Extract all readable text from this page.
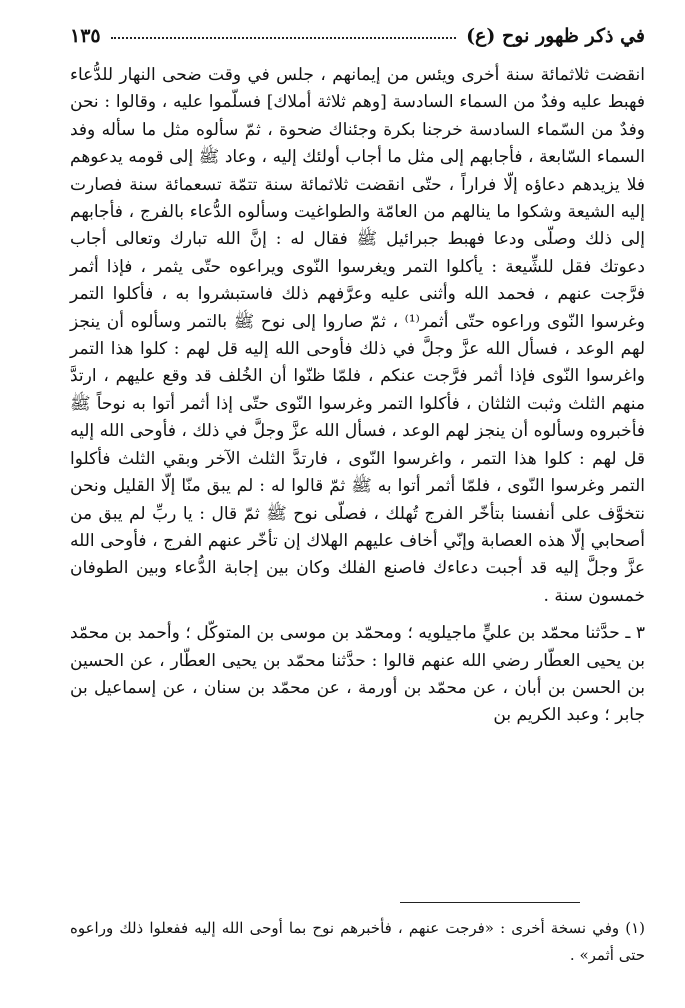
في ذكر ظهور نوح (ع)
١٣٥

انقضت ثلاثمائة سنة أخرى ويئس من إيمانهم ، جلس في وقت ضحى النهار للدُّعاء فهبط عليه وفدٌ من السماء السادسة [وهم ثلاثة أملاك] فسلّموا عليه ، وقالوا : نحن وفدٌ من السّماء السادسة خرجنا بكرة وجئناك ضحوة ، ثمّ سألوه مثل ما سأله وفد السماء السّابعة ، فأجابهم إلى مثل ما أجاب أولئك إليه ، وعاد ﷺ إلى قومه يدعوهم فلا يزيدهم دعاؤه إلّا فراراً ، حتّى انقضت ثلاثمائة سنة تتمّة تسعمائة سنة فصارت إليه الشيعة وشكوا ما ينالهم من العامّة والطواغيت وسألوه الدُّعاء بالفرج ، فأجابهم إلى ذلك وصلّى ودعا فهبط جبرائيل ﷺ فقال له : إنَّ الله تبارك وتعالى أجاب دعوتك فقل للشِّيعة : يأكلوا التمر ويغرسوا النّوى ويراعوه حتّى يثمر ، فإذا أثمر فرَّجت عنهم ، فحمد الله وأثنى عليه وعرَّفهم ذلك فاستبشروا به ، فأكلوا التمر وغرسوا النّوى وراعوه حتّى أثمر⁽¹⁾ ، ثمّ صاروا إلى نوح ﷺ بالتمر وسألوه أن ينجز لهم الوعد ، فسأل الله عزَّ وجلَّ في ذلك فأوحى الله إليه قل لهم : كلوا هذا التمر واغرسوا النّوى فإذا أثمر فرَّجت عنكم ، فلمّا ظنّوا أن الخُلف قد وقع عليهم ، ارتدَّ منهم الثلث وثبت الثلثان ، فأكلوا التمر وغرسوا النّوى حتّى إذا أثمر أتوا به نوحاً ﷺ فأخبروه وسألوه أن ينجز لهم الوعد ، فسأل الله عزَّ وجلَّ في ذلك ، فأوحى الله إليه قل لهم : كلوا هذا التمر ، واغرسوا النّوى ، فارتدَّ الثلث الآخر وبقي الثلث فأكلوا التمر وغرسوا النّوى ، فلمّا أثمر أتوا به ﷺ ثمّ قالوا له : لم يبق منّا إلّا القليل ونحن نتخوَّف على أنفسنا بتأخّر الفرج تُهلك ، فصلّى نوح ﷺ ثمّ قال : يا ربِّ لم يبق من أصحابي إلّا هذه العصابة وإنّي أخاف عليهم الهلاك إن تأخّر عنهم الفرج ، فأوحى الله عزَّ وجلَّ إليه قد أجبت دعاءك فاصنع الفلك وكان بين إجابة الدُّعاء وبين الطوفان خمسون سنة .

٣ ـ حدَّثنا محمّد بن عليٍّ ماجيلويه ؛ ومحمّد بن موسى بن المتوكّل ؛ وأحمد بن محمّد بن يحيى العطّار رضي الله عنهم قالوا : حدَّثنا محمّد بن يحيى العطّار ، عن الحسين بن الحسن بن أبان ، عن محمّد بن أورمة ، عن محمّد بن سنان ، عن إسماعيل بن جابر ؛ وعبد الكريم بن

(١) وفي نسخة أخرى : «فرجت عنهم ، فأخبرهم نوح بما أوحى الله إليه ففعلوا ذلك وراعوه حتى أثمر» .
